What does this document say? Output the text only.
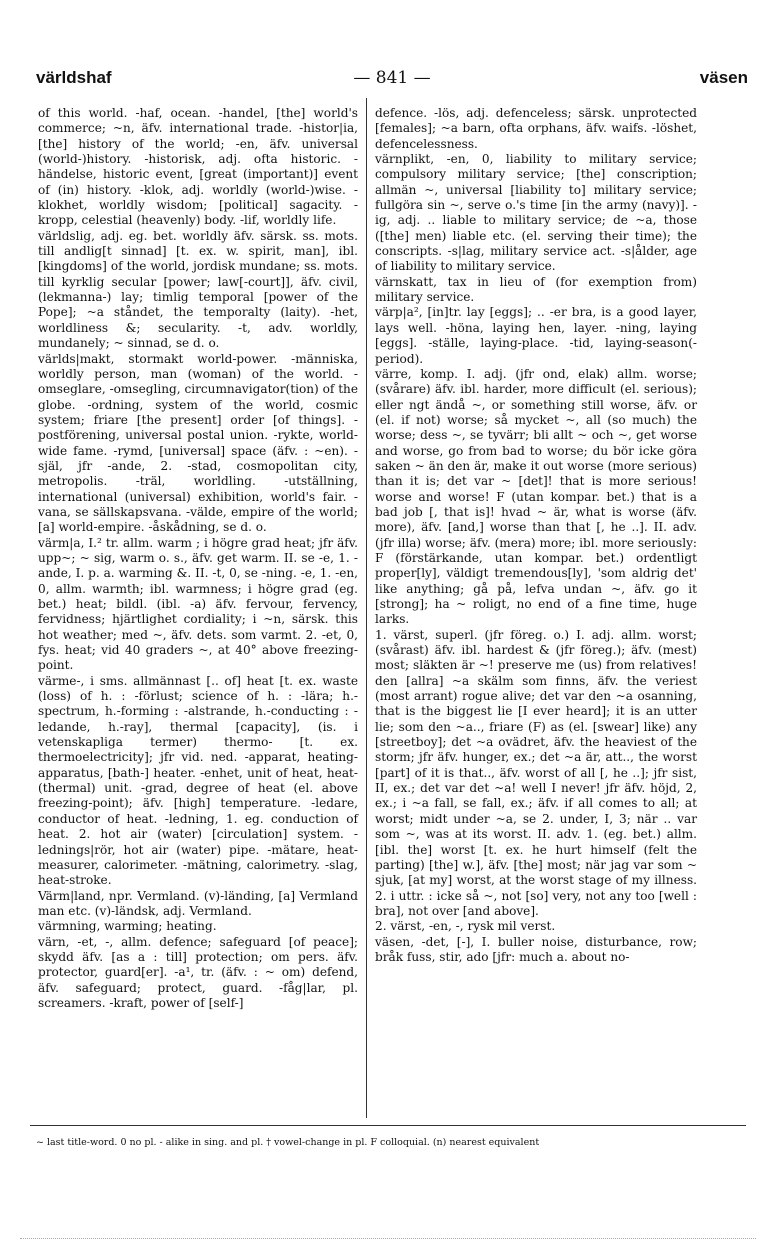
världshaf	— 841 —	väsen

of this world. -haf, ocean. -handel, [the] world's commerce; ~n, äfv. international trade. -histor|ia, [the] history of the world; -en, äfv. universal (world-)history. -historisk, adj. ofta historic. -händelse, historic event, [great (important)] event of (in) history. -klok, adj. worldly (world-)wise. -klokhet, worldly wisdom; [political] sagacity. -kropp, celestial (heavenly) body. -lif, worldly life.

världslig, adj. eg. bet. worldly äfv. särsk. ss. mots. till andlig[t sinnad] [t. ex. w. spirit, man], ibl. [kingdoms] of the world, jordisk mundane; ss. mots. till kyrklig secular [power; law[-court]], äfv. civil, (lekmanna-) lay; timlig temporal [power of the Pope]; ~a ståndet, the temporalty (laity). -het, worldliness &; secularity. -t, adv. worldly, mundanely; ~ sinnad, se d. o.

världs|makt, stormakt world-power. -människa, worldly person, man (woman) of the world. -omseglare, -omsegling, circumnavigator(tion) of the globe. -ordning, system of the world, cosmic system; friare [the present] order [of things]. -postförening, universal postal union. -rykte, world-wide fame. -rymd, [universal] space (äfv. : ~en). -själ, jfr -ande, 2. -stad, cosmopolitan city, metropolis. -träl, worldling. -utställning, international (universal) exhibition, world's fair. -vana, se sällskapsvana. -välde, empire of the world; [a] world-empire. -åskådning, se d. o.

värm|a, I.² tr. allm. warm ; i högre grad heat; jfr äfv. upp~; ~ sig, warm o. s., äfv. get warm. II. se -e, 1. -ande, I. p. a. warming &. II. -t, 0, se -ning. -e, 1. -en, 0, allm. warmth; ibl. warmness; i högre grad (eg. bet.) heat; bildl. (ibl. -a) äfv. fervour, fervency, fervidness; hjärtlighet cordiality; i ~n, särsk. this hot weather; med ~, äfv. dets. som varmt. 2. -et, 0, fys. heat; vid 40 graders ~, at 40° above freezing-point.

värme-, i sms. allmännast [.. of] heat [t. ex. waste (loss) of h. : -förlust; science of h. : -lära; h.-spectrum, h.-forming : -alstrande, h.-conducting : -ledande, h.-ray], thermal [capacity], (is. i vetenskapliga termer) thermo- [t. ex. thermoelectricity]; jfr vid. ned. -apparat, heating-apparatus, [bath-] heater. -enhet, unit of heat, heat-(thermal) unit. -grad, degree of heat (el. above freezing-point); äfv. [high] temperature. -ledare, conductor of heat. -ledning, 1. eg. conduction of heat. 2. hot air (water) [circulation] system. -lednings|rör, hot air (water) pipe. -mätare, heat-measurer, calorimeter. -mätning, calorimetry. -slag, heat-stroke.

Värm|land, npr. Vermland. (v)-länding, [a] Vermland man etc. (v)-ländsk, adj. Vermland.

värmning, warming; heating.

värn, -et, -, allm. defence; safeguard [of peace]; skydd äfv. [as a : till] protection; om pers. äfv. protector, guard[er]. -a¹, tr. (äfv. : ~ om) defend, äfv. safeguard; protect, guard. -fåg|lar, pl. screamers. -kraft, power of [self-]

defence. -lös, adj. defenceless; särsk. unprotected [females]; ~a barn, ofta orphans, äfv. waifs. -löshet, defencelessness.

värnplikt, -en, 0, liability to military service; compulsory military service; [the] conscription; allmän ~, universal [liability to] military service; fullgöra sin ~, serve o.'s time [in the army (navy)]. -ig, adj. .. liable to military service; de ~a, those ([the] men) liable etc. (el. serving their time); the conscripts. -s|lag, military service act. -s|ålder, age of liability to military service.

värnskatt, tax in lieu of (for exemption from) military service.

värp|a², [in]tr. lay [eggs]; .. -er bra, is a good layer, lays well. -höna, laying hen, layer. -ning, laying [eggs]. -ställe, laying-place. -tid, laying-season(-period).

värre, komp. I. adj. (jfr ond, elak) allm. worse; (svårare) äfv. ibl. harder, more difficult (el. serious); eller ngt ändå ~, or something still worse, äfv. or (el. if not) worse; så mycket ~, all (so much) the worse; dess ~, se tyvärr; bli allt ~ och ~, get worse and worse, go from bad to worse; du bör icke göra saken ~ än den är, make it out worse (more serious) than it is; det var ~ [det]! that is more serious! worse and worse! F (utan kompar. bet.) that is a bad job [, that is]! hvad ~ är, what is worse (äfv. more), äfv. [and,] worse than that [, he ..]. II. adv. (jfr illa) worse; äfv. (mera) more; ibl. more seriously: F (förstärkande, utan kompar. bet.) ordentligt proper[ly], väldigt tremendous[ly], 'som aldrig det' like anything; gå på, lefva undan ~, äfv. go it [strong]; ha ~ roligt, no end of a fine time, huge larks.

1. värst, superl. (jfr föreg. o.) I. adj. allm. worst; (svårast) äfv. ibl. hardest & (jfr föreg.); äfv. (mest) most; släkten är ~! preserve me (us) from relatives! den [allra] ~a skälm som finns, äfv. the veriest (most arrant) rogue alive; det var den ~a osanning, that is the biggest lie [I ever heard]; it is an utter lie; som den ~a.., friare (F) as (el. [swear] like) any [streetboy]; det ~a ovädret, äfv. the heaviest of the storm; jfr äfv. hunger, ex.; det ~a är, att.., the worst [part] of it is that.., äfv. worst of all [, he ..]; jfr sist, II, ex.; det var det ~a! well I never! jfr äfv. höjd, 2, ex.; i ~a fall, se fall, ex.; äfv. if all comes to all; at worst; midt under ~a, se 2. under, I, 3; när .. var som ~, was at its worst. II. adv. 1. (eg. bet.) allm. [ibl. the] worst [t. ex. he hurt himself (felt the parting) [the] w.], äfv. [the] most; när jag var som ~ sjuk, [at my] worst, at the worst stage of my illness. 2. i uttr. : icke så ~, not [so] very, not any too [well : bra], not over [and above].

2. värst, -en, -, rysk mil verst.

väsen, -det, [-], I. buller noise, disturbance, row; bråk fuss, stir, ado [jfr: much a. about no-

~ last title-word. 0 no pl. - alike in sing. and pl. † vowel-change in pl. F colloquial. (n) nearest equivalent
